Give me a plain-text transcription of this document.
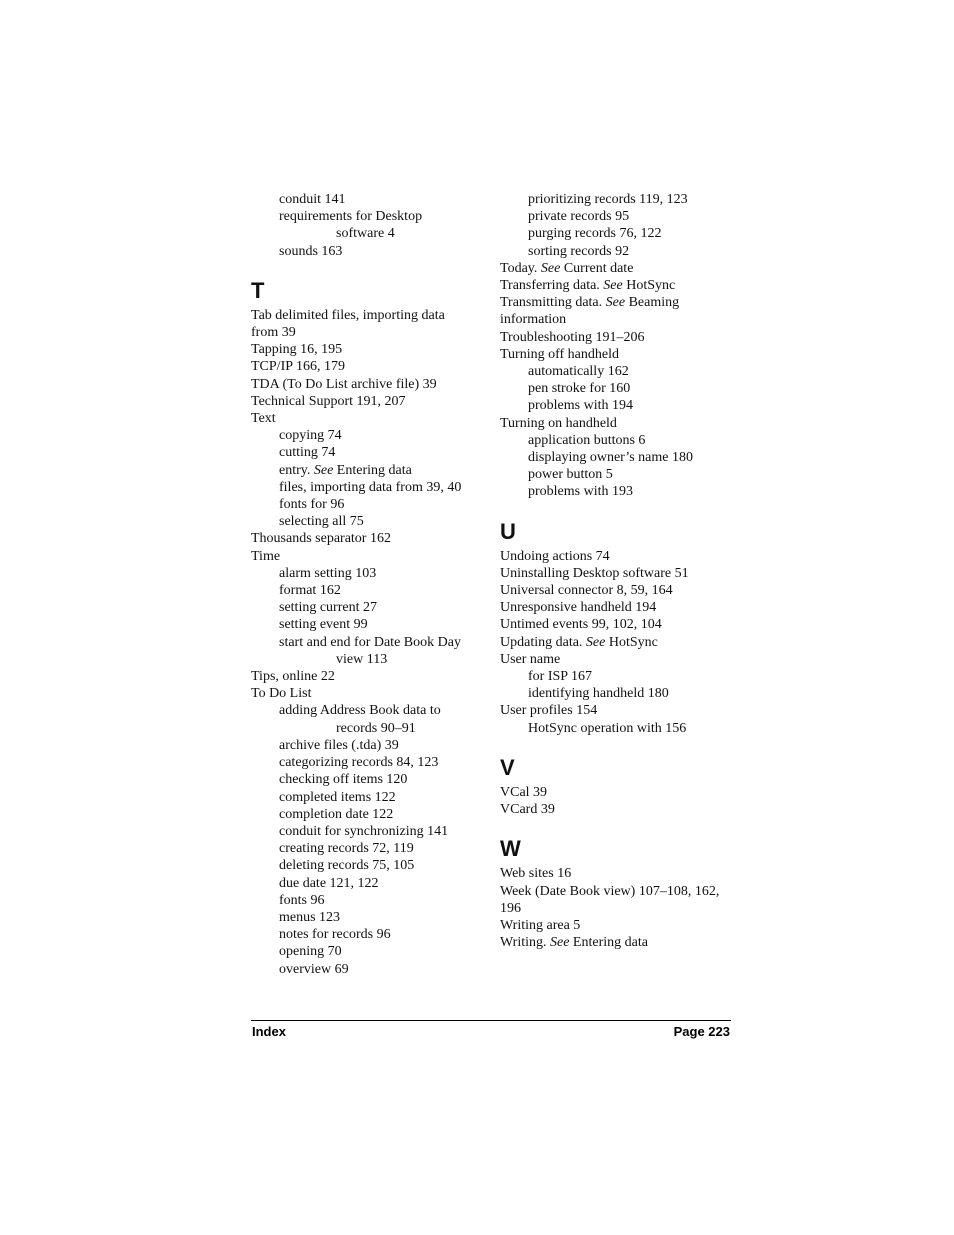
conduit 141
requirements for Desktop
software 4
sounds 163
T
Tab delimited files, importing data
from 39
Tapping 16, 195
TCP/IP 166, 179
TDA (To Do List archive file) 39
Technical Support 191, 207
Text
copying 74
cutting 74
entry. See Entering data
files, importing data from 39, 40
fonts for 96
selecting all 75
Thousands separator 162
Time
alarm setting 103
format 162
setting current 27
setting event 99
start and end for Date Book Day
view 113
Tips, online 22
To Do List
adding Address Book data to
records 90–91
archive files (.tda) 39
categorizing records 84, 123
checking off items 120
completed items 122
completion date 122
conduit for synchronizing 141
creating records 72, 119
deleting records 75, 105
due date 121, 122
fonts 96
menus 123
notes for records 96
opening 70
overview 69
prioritizing records 119, 123
private records 95
purging records 76, 122
sorting records 92
Today. See Current date
Transferring data. See HotSync
Transmitting data. See Beaming
information
Troubleshooting 191–206
Turning off handheld
automatically 162
pen stroke for 160
problems with 194
Turning on handheld
application buttons 6
displaying owner’s name 180
power button 5
problems with 193
U
Undoing actions 74
Uninstalling Desktop software 51
Universal connector 8, 59, 164
Unresponsive handheld 194
Untimed events 99, 102, 104
Updating data. See HotSync
User name
for ISP 167
identifying handheld 180
User profiles 154
HotSync operation with 156
V
VCal 39
VCard 39
W
Web sites 16
Week (Date Book view) 107–108, 162,
196
Writing area 5
Writing. See Entering data
Index	Page 223
